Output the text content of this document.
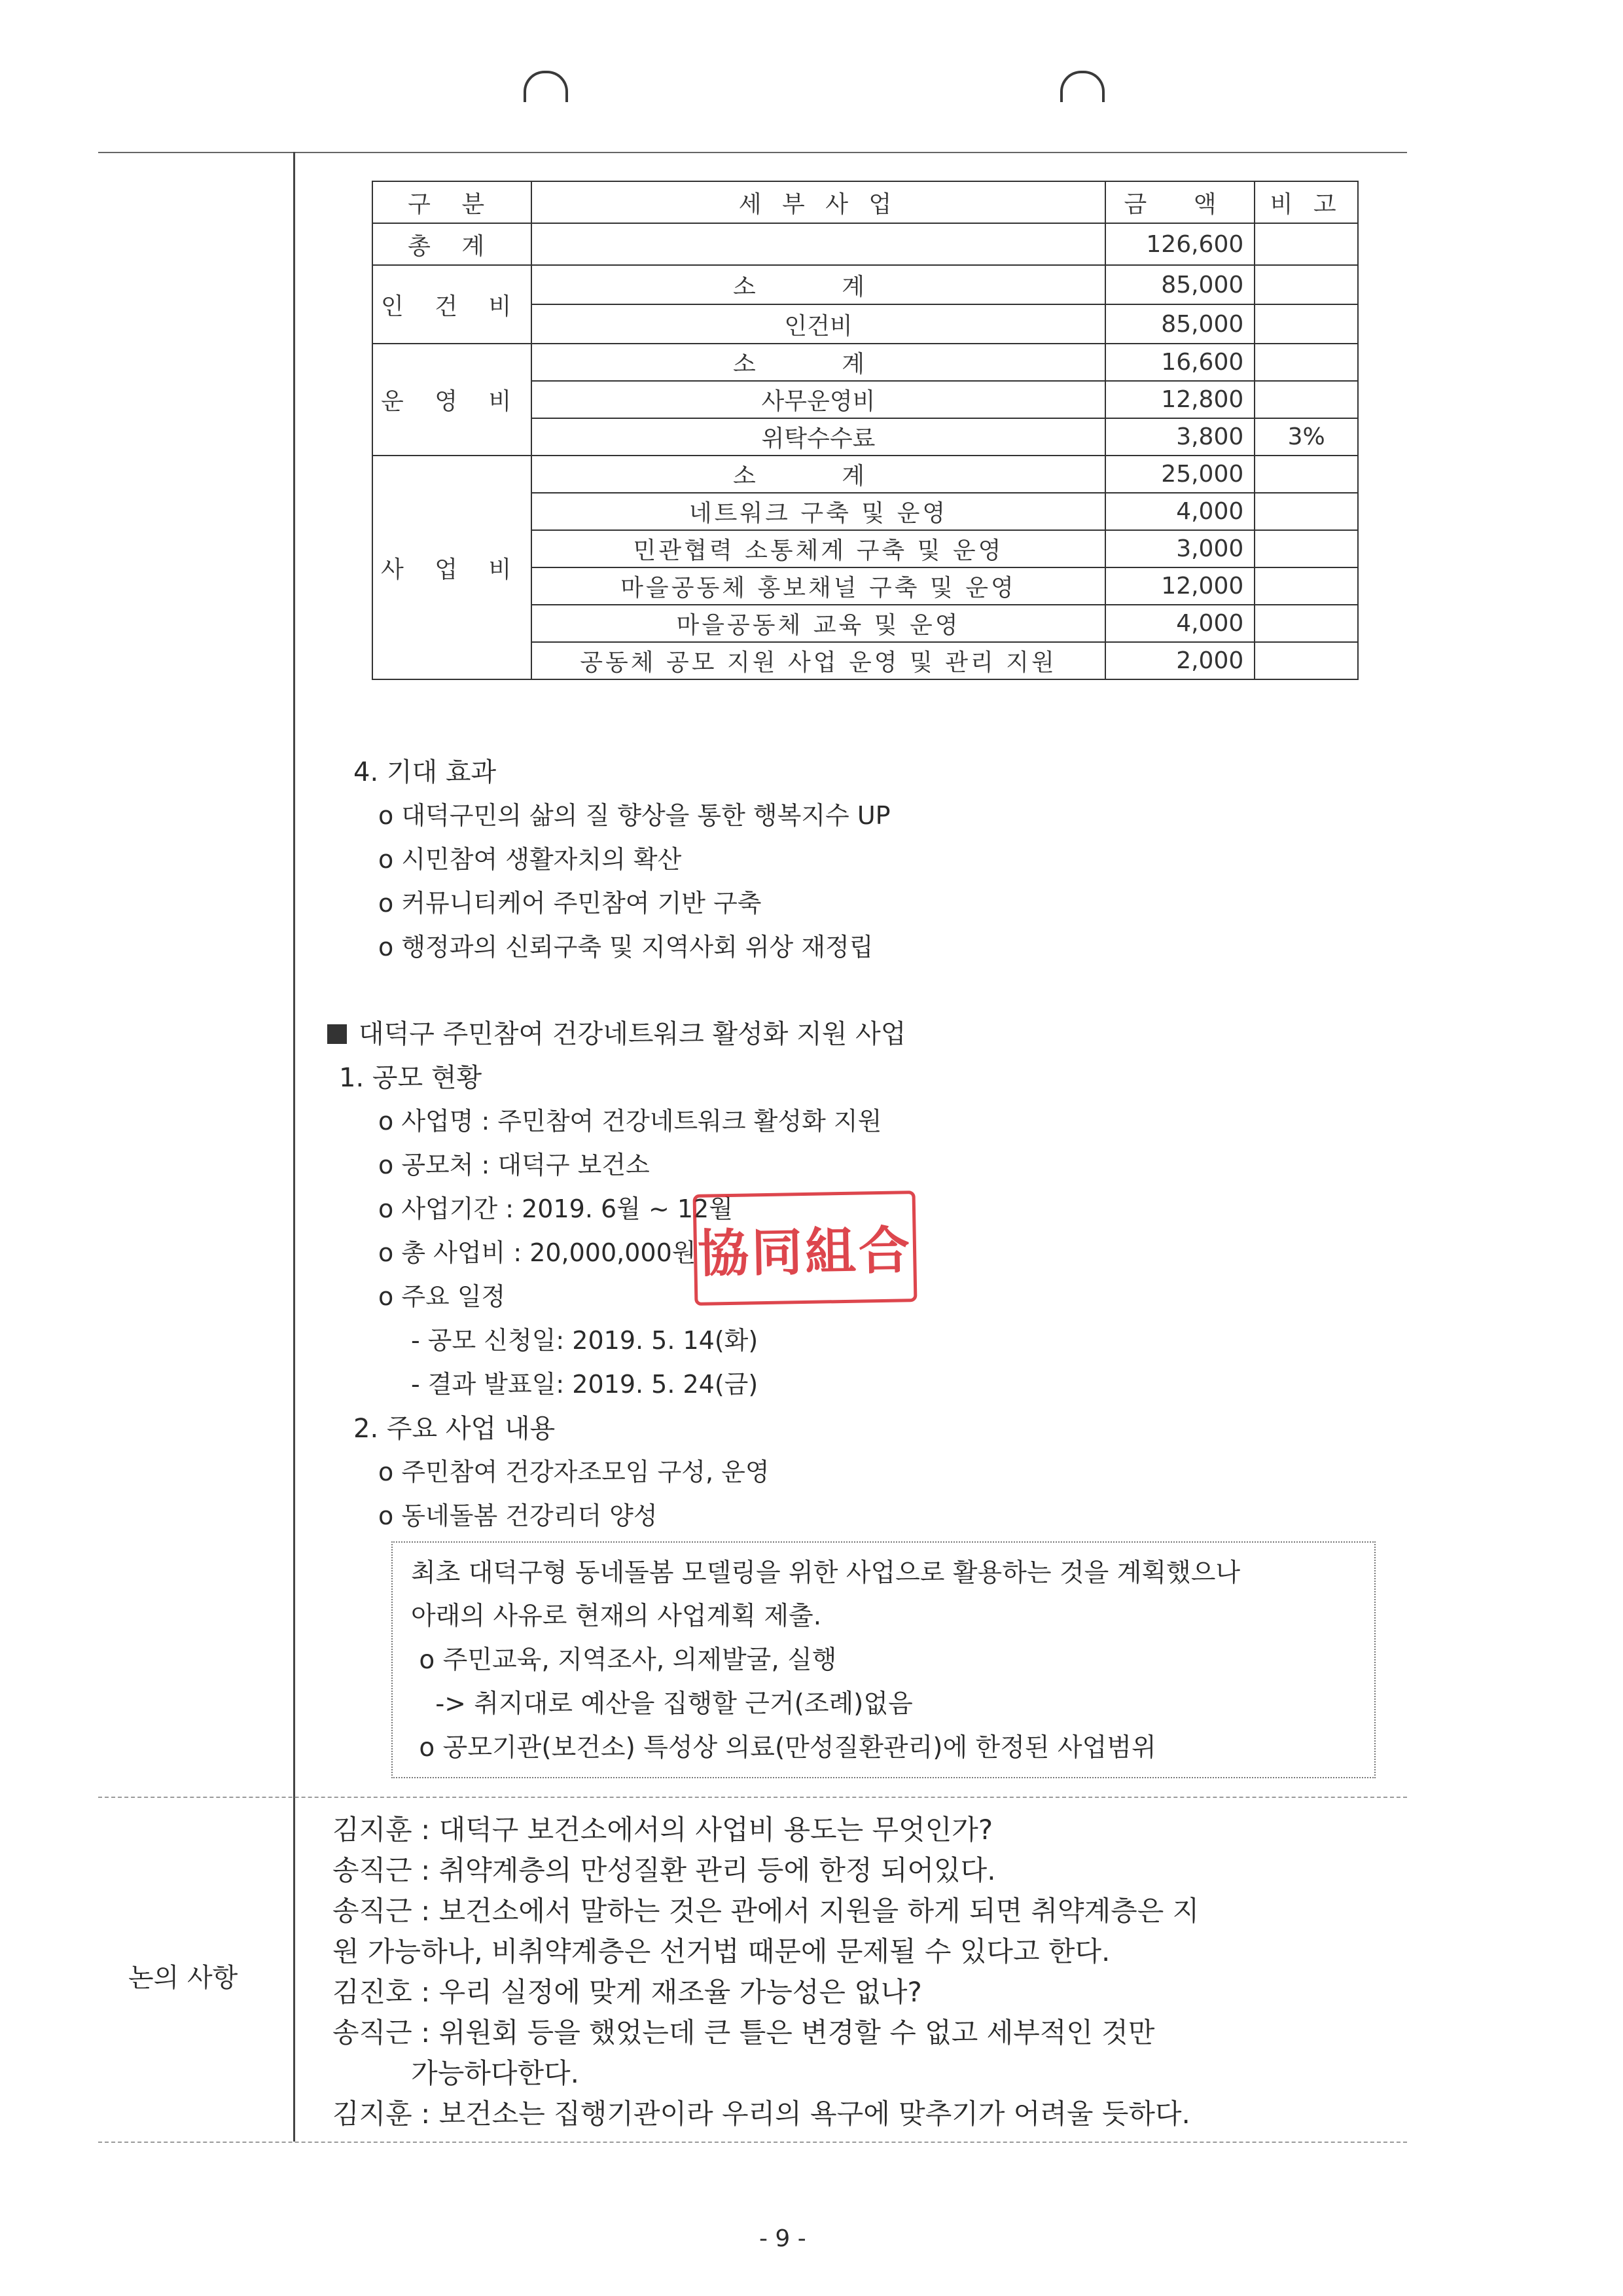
구 분	세 부 사 업	금 액	비 고
총 계		126,600	
인 건 비	소 계	85,000	
	인건비	85,000	
운 영 비	소 계	16,600	
	사무운영비	12,800	
	위탁수수료	3,800	3%
사 업 비	소 계	25,000	
	네트워크 구축 및 운영	4,000	
	민관협력 소통체계 구축 및 운영	3,000	
	마을공동체 홍보채널 구축 및 운영	12,000	
	마을공동체 교육 및 운영	4,000	
	공동체 공모 지원 사업 운영 및 관리 지원	2,000	
4. 기대 효과
o 대덕구민의 삶의 질 향상을 통한 행복지수 UP
o 시민참여 생활자치의 확산
o 커뮤니티케어 주민참여 기반 구축
o 행정과의 신뢰구축 및 지역사회 위상 재정립
대덕구 주민참여 건강네트워크 활성화 지원 사업
1. 공모 현황
o 사업명 : 주민참여 건강네트워크 활성화 지원
o 공모처 : 대덕구 보건소
o 사업기간 : 2019. 6월 ~ 12월
o 총 사업비 : 20,000,000원
o 주요 일정
- 공모 신청일: 2019. 5. 14(화)
- 결과 발표일: 2019. 5. 24(금)
2. 주요 사업 내용
o 주민참여 건강자조모임 구성, 운영
o 동네돌봄 건강리더 양성
協同組合
최초 대덕구형 동네돌봄 모델링을 위한 사업으로 활용하는 것을 계획했으나
아래의 사유로 현재의 사업계획 제출.
o 주민교육, 지역조사, 의제발굴, 실행
-> 취지대로 예산을 집행할 근거(조례)없음
o 공모기관(보건소) 특성상 의료(만성질환관리)에 한정된 사업범위
논의 사항
김지훈 : 대덕구 보건소에서의 사업비 용도는 무엇인가?
송직근 : 취약계층의 만성질환 관리 등에 한정 되어있다.
송직근 : 보건소에서 말하는 것은 관에서 지원을 하게 되면 취약계층은 지
원 가능하나, 비취약계층은 선거법 때문에 문제될 수 있다고 한다.
김진호 : 우리 실정에 맞게 재조율 가능성은 없나?
송직근 : 위원회 등을 했었는데 큰 틀은 변경할 수 없고 세부적인 것만
가능하다한다.
김지훈 : 보건소는 집행기관이라 우리의 욕구에 맞추기가 어려울 듯하다.
- 9 -
